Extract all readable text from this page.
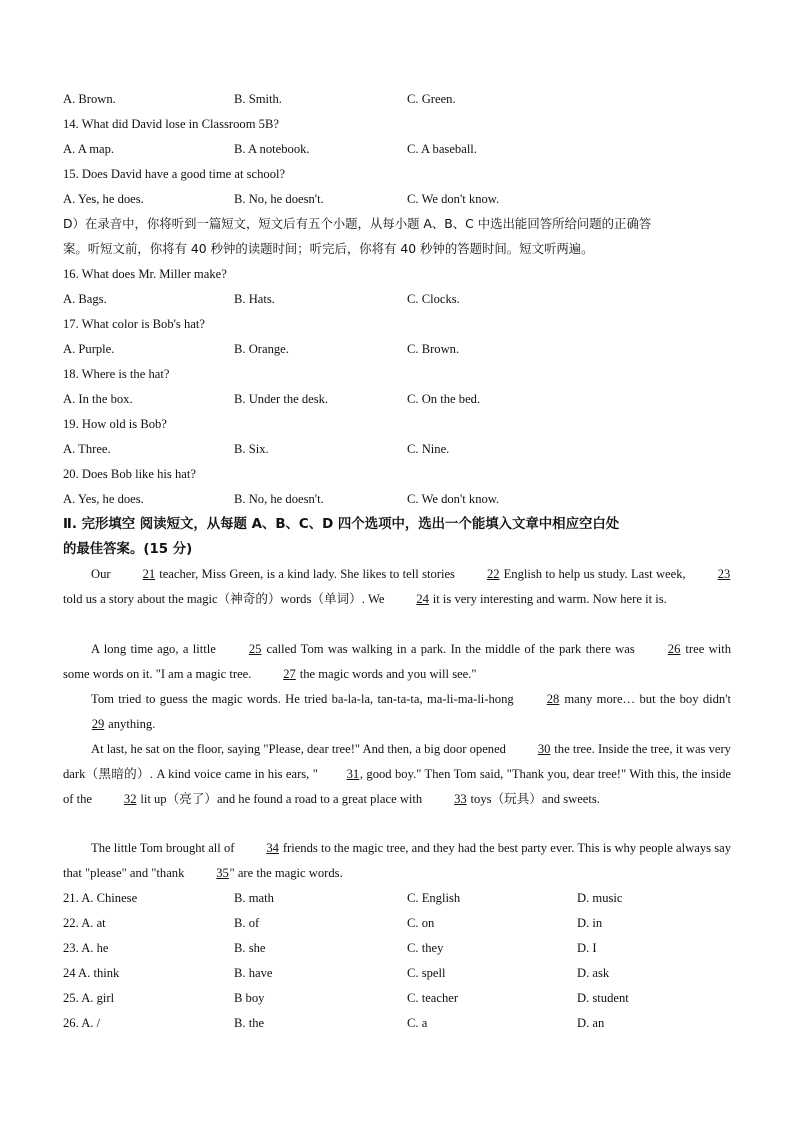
A. Brown.	B. Smith.	C. Green.
14. What did David lose in Classroom 5B?
A. A map.	B. A notebook.	C. A baseball.
15. Does David have a good time at school?
A. Yes, he does.	B. No, he doesn't.	C. We don't know.
D）在录音中，你将听到一篇短文，短文后有五个小题，从每小题 A、B、C 中选出能回答所给问题的正确答
案。听短文前，你将有 40 秒钟的读题时间；听完后，你将有 40 秒钟的答题时间。短文听两遍。
16. What does Mr. Miller make?
A. Bags.	B. Hats.	C. Clocks.
17. What color is Bob's hat?
A. Purple.	B. Orange.	C. Brown.
18. Where is the hat?
A. In the box.	B. Under the desk.	C. On the bed.
19. How old is Bob?
A. Three.	B. Six.	C. Nine.
20. Does Bob like his hat?
A. Yes, he does.	B. No, he doesn't.	C. We don't know.
Ⅱ. 完形填空 阅读短文，从每题 A、B、C、D 四个选项中，选出一个能填入文章中相应空白处
的最佳答案。(15 分)
Our 21 teacher, Miss Green, is a kind lady. She likes to tell stories 22 English to help us study. Last week, 23told us a story about the magic（神奇的）words（单词）. We 24 it is very interesting and warm. Now here it is.
A long time ago, a little 25 called Tom was walking in a park. In the middle of the park there was 26 tree with some words on it. "I am a magic tree. 27 the magic words and you will see."
Tom tried to guess the magic words. He tried ba-la-la, tan-ta-ta, ma-li-ma-li-hong 28 many more… but the boy didn't 29 anything.
At last, he sat on the floor, saying "Please, dear tree!" And then, a big door opened 30 the tree. Inside the tree, it was very dark（黑暗的）. A kind voice came in his ears, " 31, good boy." Then Tom said, "Thank you, dear tree!" With this, the inside of the 32 lit up（亮了）and he found a road to a great place with 33 toys（玩具）and sweets.
The little Tom brought all of 34 friends to the magic tree, and they had the best party ever. This is why people always say that "please" and "thank 35" are the magic words.
21. A. Chinese	B. math	C. English	D. music
22. A. at	B. of	C. on	D. in
23. A. he	B. she	C. they	D. I
24 A. think	B. have	C. spell	D. ask
25. A. girl	B boy	C. teacher	D. student
26. A. /	B. the	C. a	D. an
